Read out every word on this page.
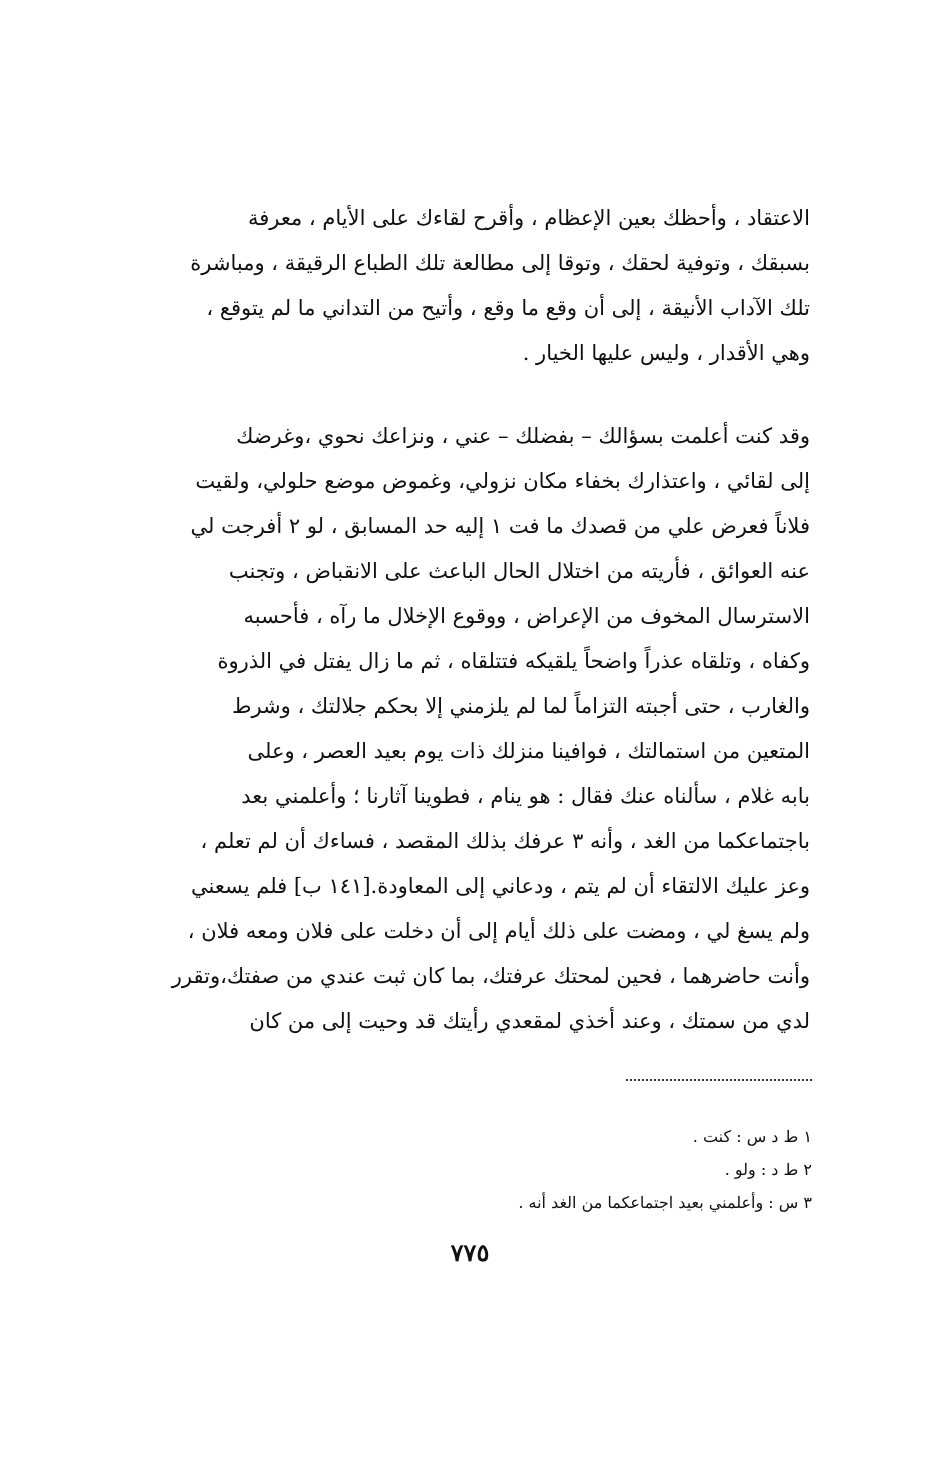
الاعتقاد ، وأحظك بعين الإعظام ، وأقرح لقاءك على الأيام ، معرفة
بسبقك ، وتوفية لحقك ، وتوقا إلى مطالعة تلك الطباع الرقيقة ، ومباشرة
تلك الآداب الأنيقة ، إلى أن وقع ما وقع ، وأتيح من التداني ما لم يتوقع ،
وهي الأقدار ، وليس عليها الخيار .
وقد كنت أعلمت بسؤالك – بفضلك – عني ، ونزاعك نحوي ،وغرضك
إلى لقائي ، واعتذارك بخفاء مكان نزولي، وغموض موضع حلولي، ولقيت
فلاناً فعرض علي من قصدك ما فت ١ إليه حد المسابق ، لو ٢ أفرجت لي
عنه العوائق ، فأريته من اختلال الحال الباعث على الانقباض ، وتجنب
الاسترسال المخوف من الإعراض ، ووقوع الإخلال ما رآه ، فأحسبه
وكفاه ، وتلقاه عذراً واضحاً يلقيكه فتتلقاه ، ثم ما زال يفتل في الذروة
والغارب ، حتى أجبته التزاماً لما لم يلزمني إلا بحكم جلالتك ، وشرط
المتعين من استمالتك ، فوافينا منزلك ذات يوم بعيد العصر ، وعلى
بابه غلام ، سألناه عنك فقال : هو ينام ، فطوينا آثارنا ؛ وأعلمني بعد
باجتماعكما من الغد ، وأنه ٣ عرفك بذلك المقصد ، فساءك أن لم تعلم ،
وعز عليك الالتقاء أن لم يتم ، ودعاني إلى المعاودة.[١٤١ ب] فلم يسعني
ولم يسغ لي ، ومضت على ذلك أيام إلى أن دخلت على فلان ومعه فلان ،
وأنت حاضرهما ، فحين لمحتك عرفتك، بما كان ثبت عندي من صفتك،وتقرر
لدي من سمتك ، وعند أخذي لمقعدي رأيتك قد وحيت إلى من كان
١ ط د س : كنت .
٢ ط د : ولو .
٣ س : وأعلمني بعيد اجتماعكما من الغد أنه .
٧٧٥
